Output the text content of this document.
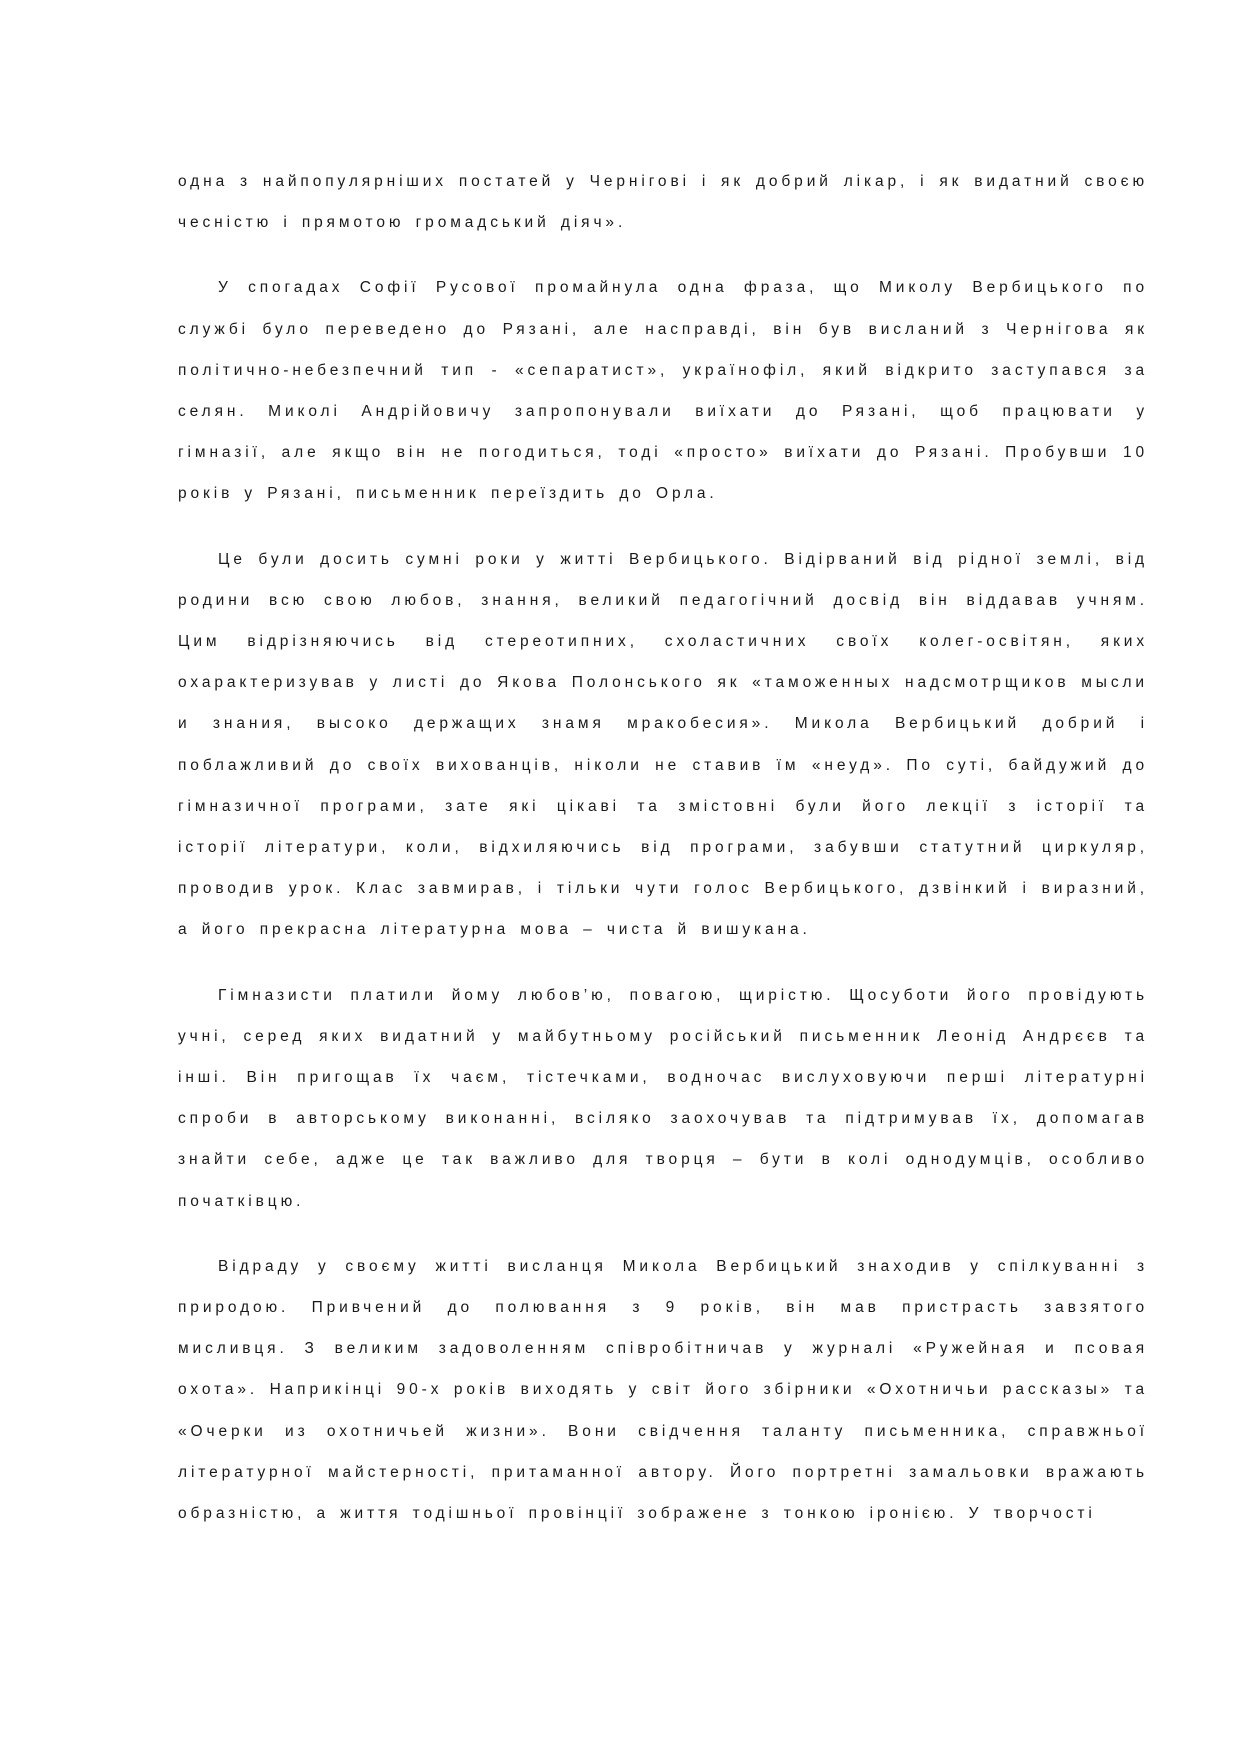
одна з найпопулярніших постатей у Чернігові і як добрий лікар, і як видатний своєю чесністю і прямотою громадський діяч».

У спогадах Софії Русової промайнула одна фраза, що Миколу Вербицького по службі було переведено до Рязані, але насправді, він був висланий з Чернігова як політично-небезпечний тип - «сепаратист», українофіл, який відкрито заступався за селян. Миколі Андрійовичу запропонували виїхати до Рязані, щоб працювати у гімназії, але якщо він не погодиться, тоді «просто» виїхати до Рязані. Пробувши 10 років у Рязані, письменник переїздить до Орла.

Це були досить сумні роки у житті Вербицького. Відірваний від рідної землі, від родини всю свою любов, знання, великий педагогічний досвід він віддавав учням. Цим відрізняючись від стереотипних, схоластичних своїх колег-освітян, яких охарактеризував у листі до Якова Полонського як «таможенных надсмотрщиков мысли и знания, высоко держащих знамя мракобесия». Микола Вербицький добрий і поблажливий до своїх вихованців, ніколи не ставив їм «неуд». По суті, байдужий до гімназичної програми, зате які цікаві та змістовні були його лекції з історії та історії літератури, коли, відхиляючись від програми, забувши статутний циркуляр, проводив урок. Клас завмирав, і тільки чути голос Вербицького, дзвінкий і виразний, а його прекрасна літературна мова – чиста й вишукана.

Гімназисти платили йому любов’ю, повагою, щирістю. Щосуботи його провідують учні, серед яких видатний у майбутньому російський письменник Леонід Андрєєв та інші. Він пригощав їх чаєм, тістечками, водночас вислуховуючи перші літературні спроби в авторському виконанні, всіляко заохочував та підтримував їх, допомагав знайти себе, адже це так важливо для творця – бути в колі однодумців, особливо початківцю.

Відраду у своєму житті висланця Микола Вербицький знаходив у спілкуванні з природою. Привчений до полювання з 9 років, він мав пристрасть завзятого мисливця. З великим задоволенням співробітничав у журналі «Ружейная и псовая охота». Наприкінці 90-х років виходять у світ його збірники «Охотничьи рассказы» та «Очерки из охотничьей жизни». Вони свідчення таланту письменника, справжньої літературної майстерності, притаманної автору. Його портретні замальовки вражають образністю, а життя тодішньої провінції зображене з тонкою іронією. У творчості
